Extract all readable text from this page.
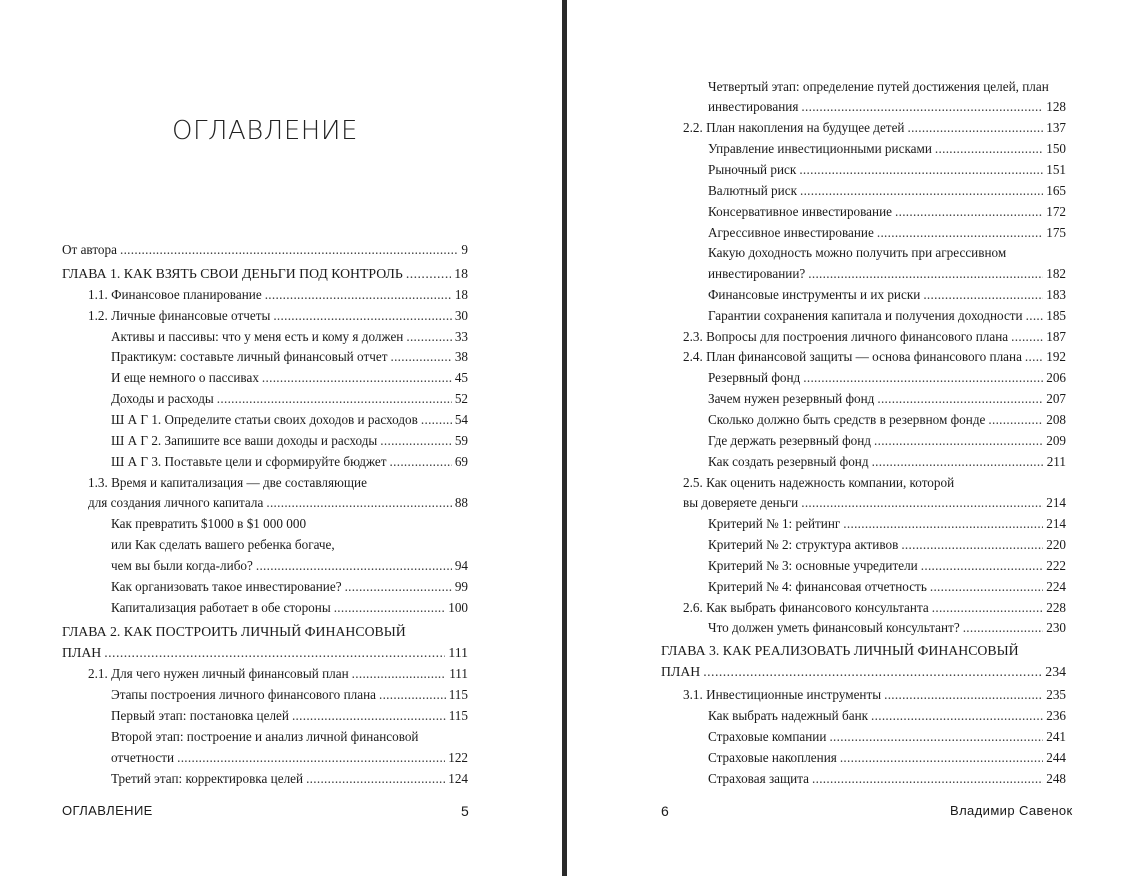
ОГЛАВЛЕНИЕ
От автора . . .	9
ГЛАВА 1. КАК ВЗЯТЬ СВОИ ДЕНЬГИ ПОД КОНТРОЛЬ . . .	18
1.1. Финансовое планирование . . .	18
1.2. Личные финансовые отчеты . . .	30
Активы и пассивы: что у меня есть и кому я должен . . .	33
Практикум: составьте личный финансовый отчет . . .	38
И еще немного о пассивах . . .	45
Доходы и расходы . . .	52
Ш А Г 1. Определите статьи своих доходов и расходов . . .	54
Ш А Г 2. Запишите все ваши доходы и расходы . . .	59
Ш А Г 3. Поставьте цели и сформируйте бюджет . . .	69
1.3. Время и капитализация — две составляющие
для создания личного капитала . . .	88
Как превратить $1000 в $1 000 000
или Как сделать вашего ребенка богаче,
чем вы были когда-либо? . . .	94
Как организовать такое инвестирование? . . .	99
Капитализация работает в обе стороны . . .	100
ГЛАВА 2. КАК ПОСТРОИТЬ ЛИЧНЫЙ ФИНАНСОВЫЙ
ПЛАН . . .	111
2.1. Для чего нужен личный финансовый план . . .	111
Этапы построения личного финансового плана . . .	115
Первый этап: постановка целей . . .	115
Второй этап: построение и анализ личной финансовой
отчетности . . .	122
Третий этап: корректировка целей . . .	124
ОГЛАВЛЕНИЕ	5
Четвертый этап: определение путей достижения целей, план
инвестирования . . .	128
2.2. План накопления на будущее детей . . .	137
Управление инвестиционными рисками . . .	150
Рыночный риск . . .	151
Валютный риск . . .	165
Консервативное инвестирование . . .	172
Агрессивное инвестирование . . .	175
Какую доходность можно получить при агрессивном
инвестировании? . . .	182
Финансовые инструменты и их риски . . .	183
Гарантии сохранения капитала и получения доходности . . . 185
2.3. Вопросы для построения личного финансового плана . . .	187
2.4. План финансовой защиты — основа финансового плана . . . 192
Резервный фонд . . .	206
Зачем нужен резервный фонд . . .	207
Сколько должно быть средств в резервном фонде . . .	208
Где держать резервный фонд . . .	209
Как создать резервный фонд . . .	211
2.5. Как оценить надежность компании, которой
вы доверяете деньги . . .	214
Критерий № 1: рейтинг . . .	214
Критерий № 2: структура активов . . .	220
Критерий № 3: основные учредители . . .	222
Критерий № 4: финансовая отчетность . . .	224
2.6. Как выбрать финансового консультанта . . .	228
Что должен уметь финансовый консультант? . . .	230
ГЛАВА 3. КАК РЕАЛИЗОВАТЬ ЛИЧНЫЙ ФИНАНСОВЫЙ
ПЛАН . . .	234
3.1. Инвестиционные инструменты . . .	235
Как выбрать надежный банк . . .	236
Страховые компании . . .	241
Страховые накопления . . .	244
Страховая защита . . .	248
6	Владимир Савенок
